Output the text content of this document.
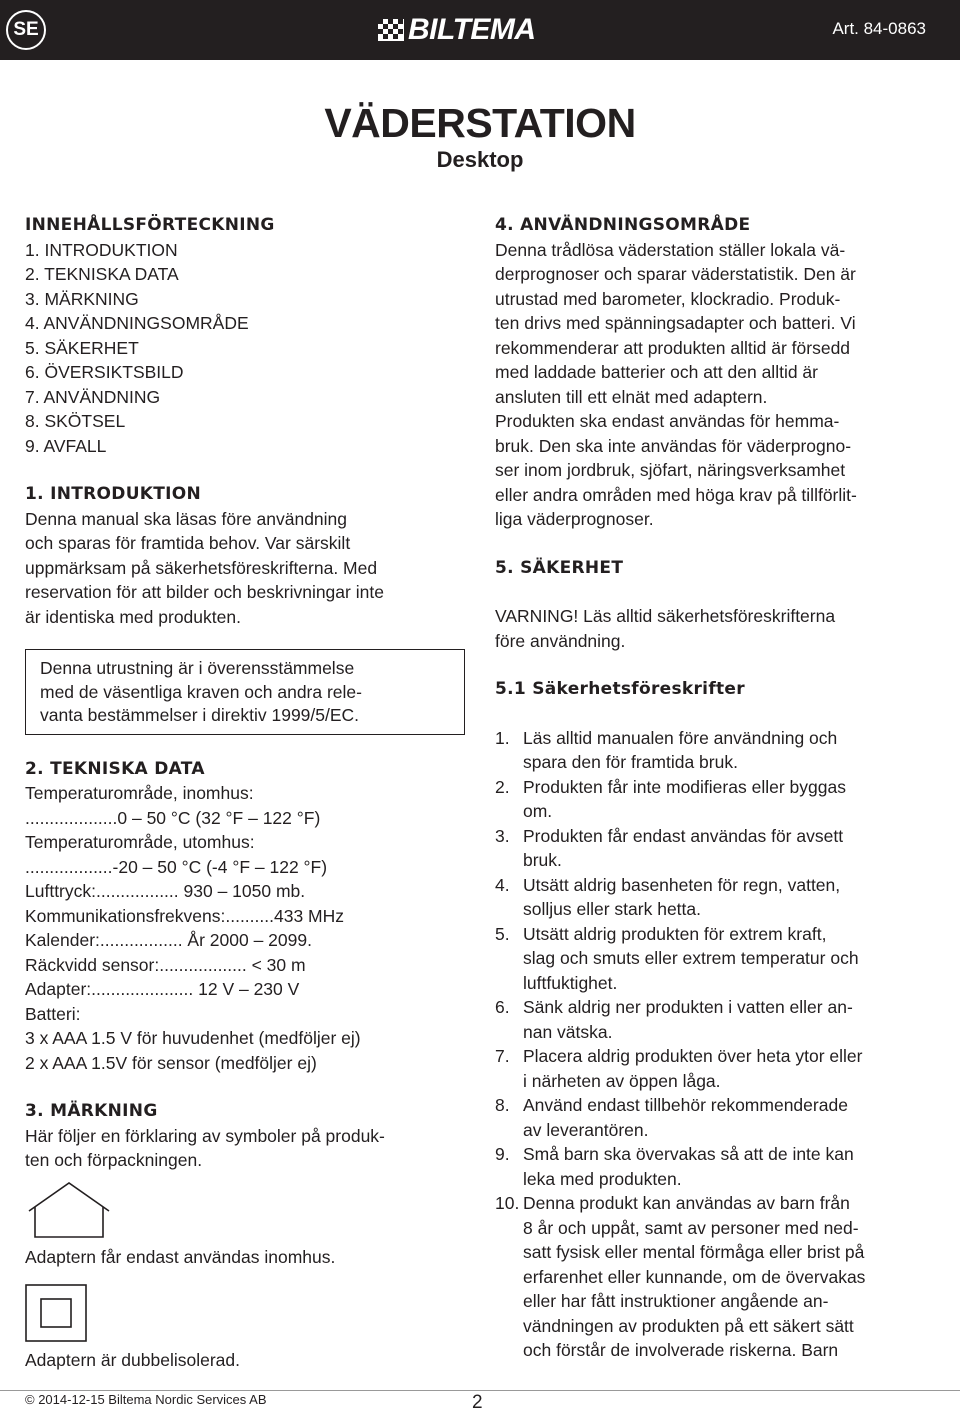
SE	BILTEMA	Art. 84-0863
VÄDERSTATION
Desktop
INNEHÅLLSFÖRTECKNING
1. INTRODUKTION
2. TEKNISKA DATA
3. MÄRKNING
4. ANVÄNDNINGSOMRÅDE
5. SÄKERHET
6. ÖVERSIKTSBILD
7. ANVÄNDNING
8. SKÖTSEL
9. AVFALL
1. INTRODUKTION

Denna manual ska läsas före användning

och sparas för framtida behov. Var särskilt

uppmärksam på säkerhetsföreskrifterna. Med

reservation för att bilder och beskrivningar inte

är identiska med produkten.

Denna utrustning är i överensstämmelse

med de väsentliga kraven och andra rele-

vanta bestämmelser i direktiv 1999/5/EC.

2. TEKNISKA DATA

Temperaturområde, inomhus:

...................0 – 50 °C (32 °F – 122 °F)

Temperaturområde, utomhus:

..................-20 – 50 °C (-4 °F – 122 °F)

Lufttryck:................. 930 – 1050 mb.

Kommunikationsfrekvens:..........433 MHz

Kalender:................. År 2000 – 2099.

Räckvidd sensor:.................. < 30 m

Adapter:..................... 12 V – 230 V

Batteri:

3 x AAA 1.5 V för huvudenhet (medföljer ej)

2 x AAA 1.5V för sensor (medföljer ej)

3. MÄRKNING

Här följer en förklaring av symboler på produk-

ten och förpackningen.

Adaptern får endast användas inomhus.

Adaptern är dubbelisolerad.

4. ANVÄNDNINGSOMRÅDE

Denna trådlösa väderstation ställer lokala vä-

derprognoser och sparar väderstatistik. Den är

utrustad med barometer, klockradio. Produk-

ten drivs med spänningsadapter och batteri. Vi

rekommenderar att produkten alltid är försedd

med laddade batterier och att den alltid är

ansluten till ett elnät med adaptern.

Produkten ska endast användas för hemma-

bruk. Den ska inte användas för väderprogno-

ser inom jordbruk, sjöfart, näringsverksamhet

eller andra områden med höga krav på tillförlit-

liga väderprognoser.

5. SÄKERHET

VARNING! Läs alltid säkerhetsföreskrifterna

före användning.

5.1 Säkerhetsföreskrifter
1. Läs alltid manualen före användning och
spara den för framtida bruk.
2. Produkten får inte modifieras eller byggas
om.
3. Produkten får endast användas för avsett
bruk.
4. Utsätt aldrig basenheten för regn, vatten,
solljus eller stark hetta.
5. Utsätt aldrig produkten för extrem kraft,
slag och smuts eller extrem temperatur och
luftfuktighet.
6. Sänk aldrig ner produkten i vatten eller an-
nan vätska.
7. Placera aldrig produkten över heta ytor eller
i närheten av öppen låga.
8. Använd endast tillbehör rekommenderade
av leverantören.
9. Små barn ska övervakas så att de inte kan
leka med produkten.
10. Denna produkt kan användas av barn från
8 år och uppåt, samt av personer med ned-
satt fysisk eller mental förmåga eller brist på
erfarenhet eller kunnande, om de övervakas
eller har fått instruktioner angående an-
vändningen av produkten på ett säkert sätt
och förstår de involverade riskerna. Barn
© 2014-12-15 Biltema Nordic Services AB	2
